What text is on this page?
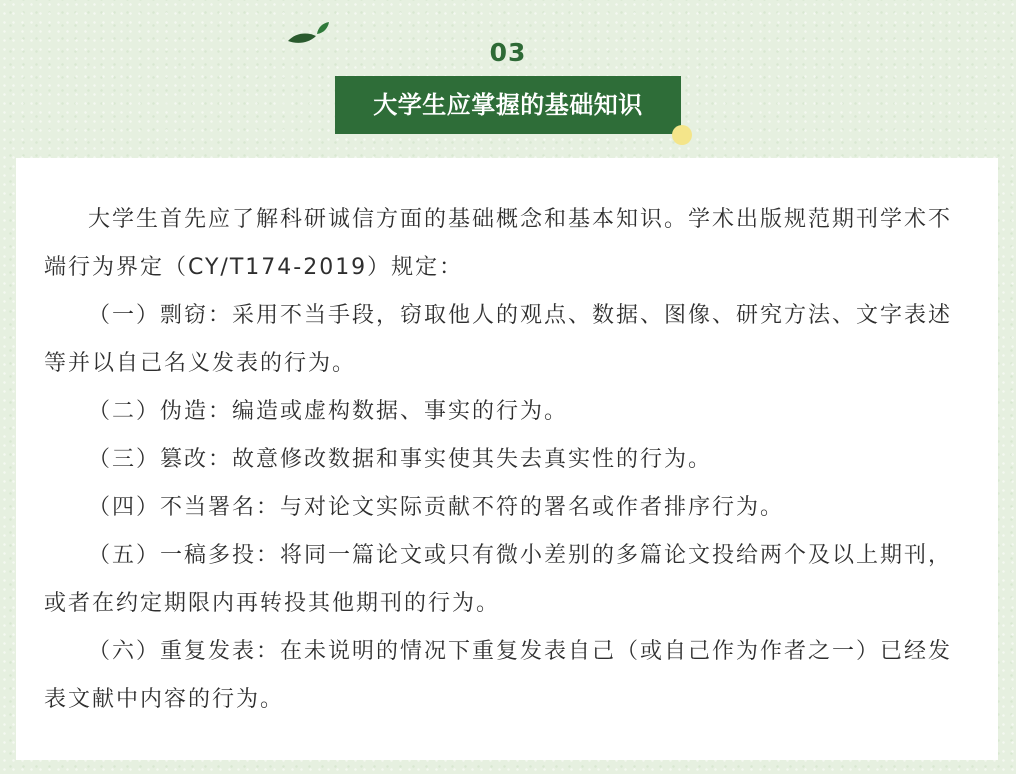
03
大学生应掌握的基础知识

大学生首先应了解科研诚信方面的基础概念和基本知识。学术出版规范期刊学术不端行为界定（CY/T174-2019）规定：

（一）剽窃：采用不当手段，窃取他人的观点、数据、图像、研究方法、文字表述等并以自己名义发表的行为。

（二）伪造：编造或虚构数据、事实的行为。

（三）篡改：故意修改数据和事实使其失去真实性的行为。

（四）不当署名：与对论文实际贡献不符的署名或作者排序行为。

（五）一稿多投：将同一篇论文或只有微小差别的多篇论文投给两个及以上期刊，或者在约定期限内再转投其他期刊的行为。

（六）重复发表：在未说明的情况下重复发表自己（或自己作为作者之一）已经发表文献中内容的行为。
